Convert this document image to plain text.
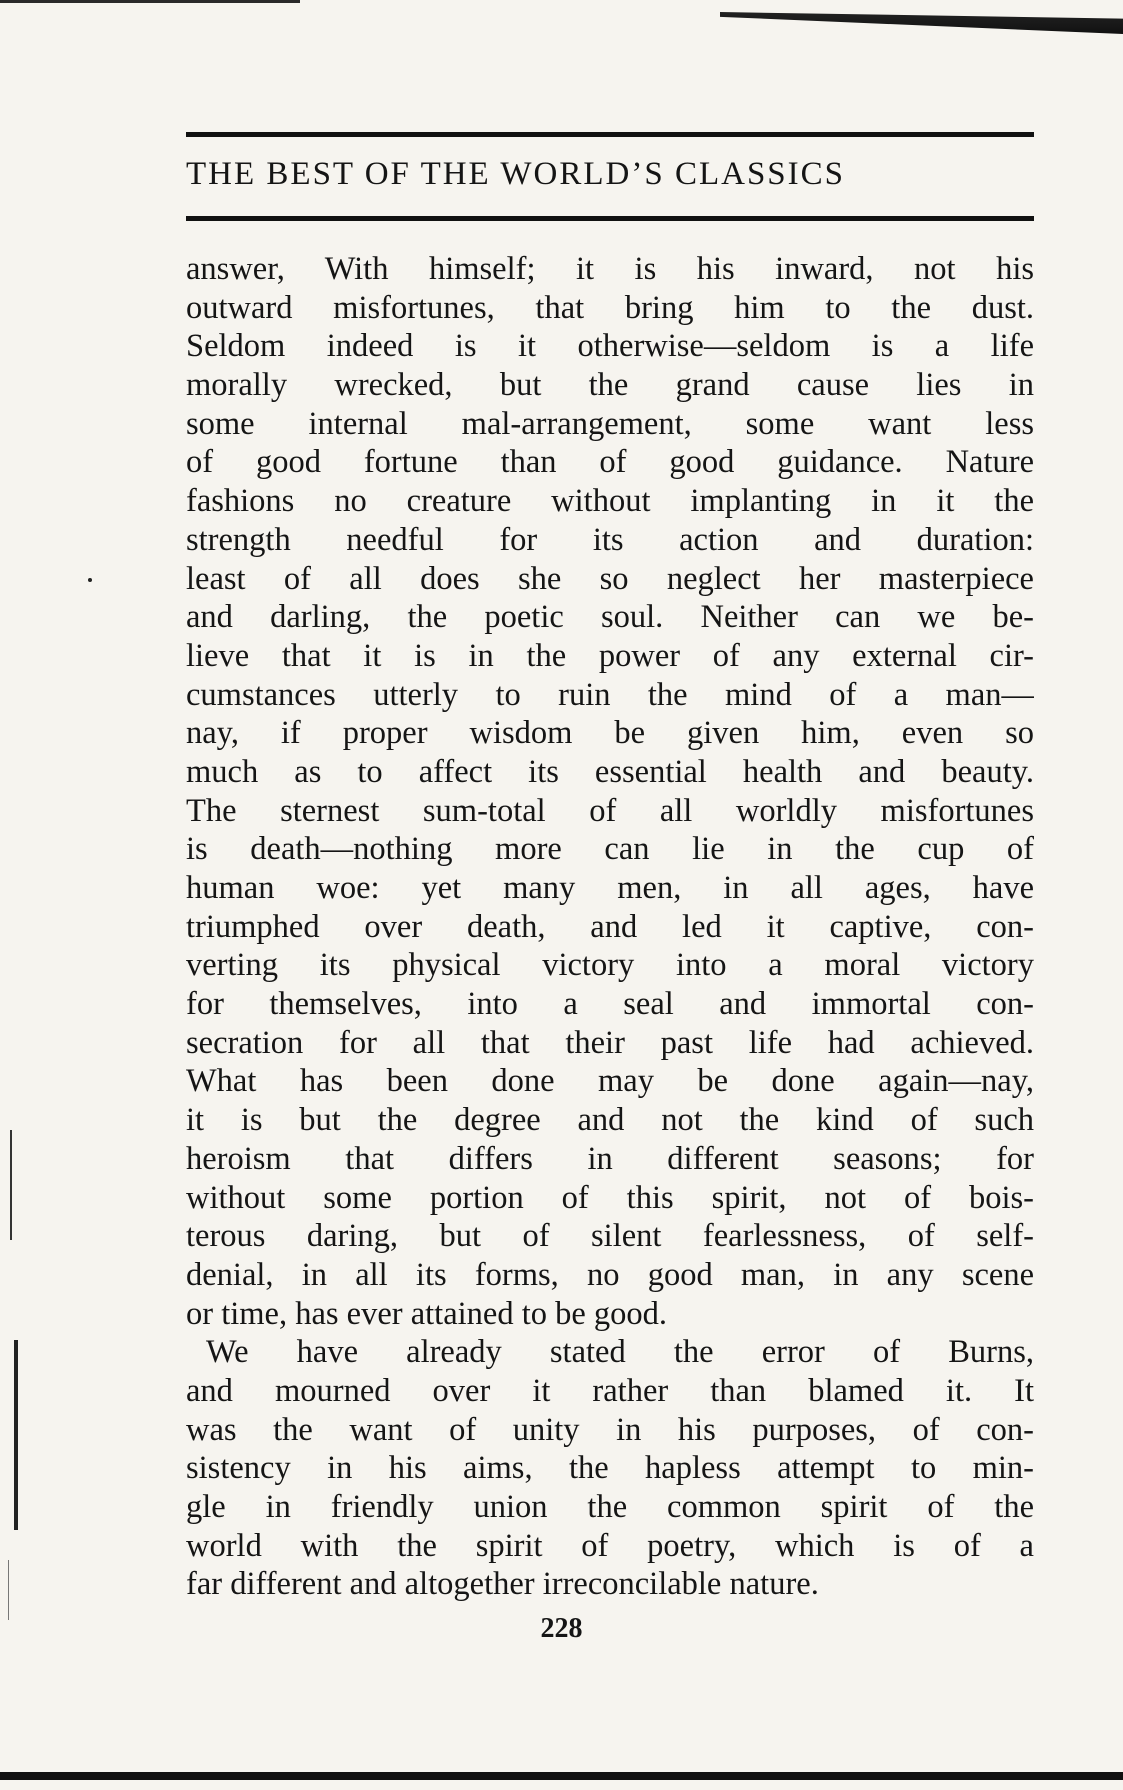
THE BEST OF THE WORLD’S CLASSICS
answer, With himself; it is his inward, not his
outward misfortunes, that bring him to the dust.
Seldom indeed is it otherwise—seldom is a life
morally wrecked, but the grand cause lies in
some internal mal-arrangement, some want less
of good fortune than of good guidance. Nature
fashions no creature without implanting in it the
strength needful for its action and duration:
least of all does she so neglect her masterpiece
and darling, the poetic soul. Neither can we be-
lieve that it is in the power of any external cir-
cumstances utterly to ruin the mind of a man—
nay, if proper wisdom be given him, even so
much as to affect its essential health and beauty.
The sternest sum-total of all worldly misfortunes
is death—nothing more can lie in the cup of
human woe: yet many men, in all ages, have
triumphed over death, and led it captive, con-
verting its physical victory into a moral victory
for themselves, into a seal and immortal con-
secration for all that their past life had achieved.
What has been done may be done again—nay,
it is but the degree and not the kind of such
heroism that differs in different seasons; for
without some portion of this spirit, not of bois-
terous daring, but of silent fearlessness, of self-
denial, in all its forms, no good man, in any scene
or time, has ever attained to be good.
We have already stated the error of Burns,
and mourned over it rather than blamed it. It
was the want of unity in his purposes, of con-
sistency in his aims, the hapless attempt to min-
gle in friendly union the common spirit of the
world with the spirit of poetry, which is of a
far different and altogether irreconcilable nature.
228
